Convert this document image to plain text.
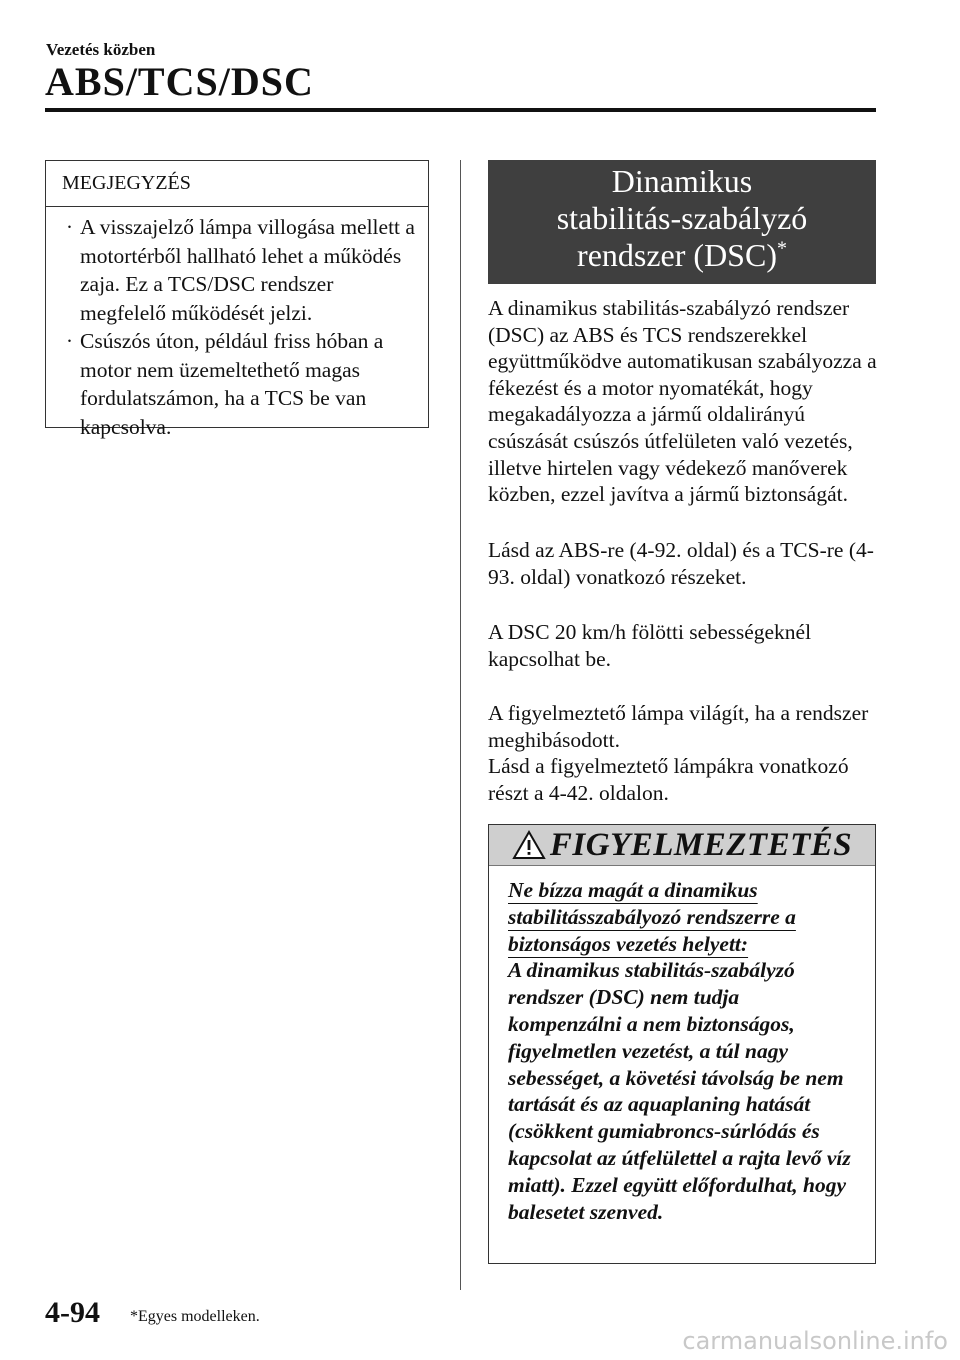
Vezetés közben
ABS/TCS/DSC
MEGJEGYZÉS
· A visszajelző lámpa villogása mellett a motortérből hallható lehet a működés zaja. Ez a TCS/DSC rendszer megfelelő működését jelzi.
· Csúszós úton, például friss hóban a motor nem üzemeltethető magas fordulatszámon, ha a TCS be van kapcsolva.
Dinamikus
stabilitás-szabályzó
rendszer (DSC)*
A dinamikus stabilitás-szabályzó rendszer (DSC) az ABS és TCS rendszerekkel együttműködve automatikusan szabályozza a fékezést és a motor nyomatékát, hogy megakadályozza a jármű oldalirányú csúszását csúszós útfelületen való vezetés, illetve hirtelen vagy védekező manőverek közben, ezzel javítva a jármű biztonságát.
Lásd az ABS-re (4-92. oldal) és a TCS-re (4-93. oldal) vonatkozó részeket.
A DSC 20 km/h fölötti sebességeknél kapcsolhat be.
A figyelmeztető lámpa világít, ha a rendszer meghibásodott.
Lásd a figyelmeztető lámpákra vonatkozó részt a 4-42. oldalon.
FIGYELMEZTETÉS
Ne bízza magát a dinamikus stabilitásszabályozó rendszerre a biztonságos vezetés helyett:
A dinamikus stabilitás-szabályzó rendszer (DSC) nem tudja kompenzálni a nem biztonságos, figyelmetlen vezetést, a túl nagy sebességet, a követési távolság be nem tartását és az aquaplaning hatását (csökkent gumiabroncs-súrlódás és kapcsolat az útfelülettel a rajta levő víz miatt). Ezzel együtt előfordulhat, hogy balesetet szenved.
4-94 *Egyes modelleken.
carmanualsonline.info
